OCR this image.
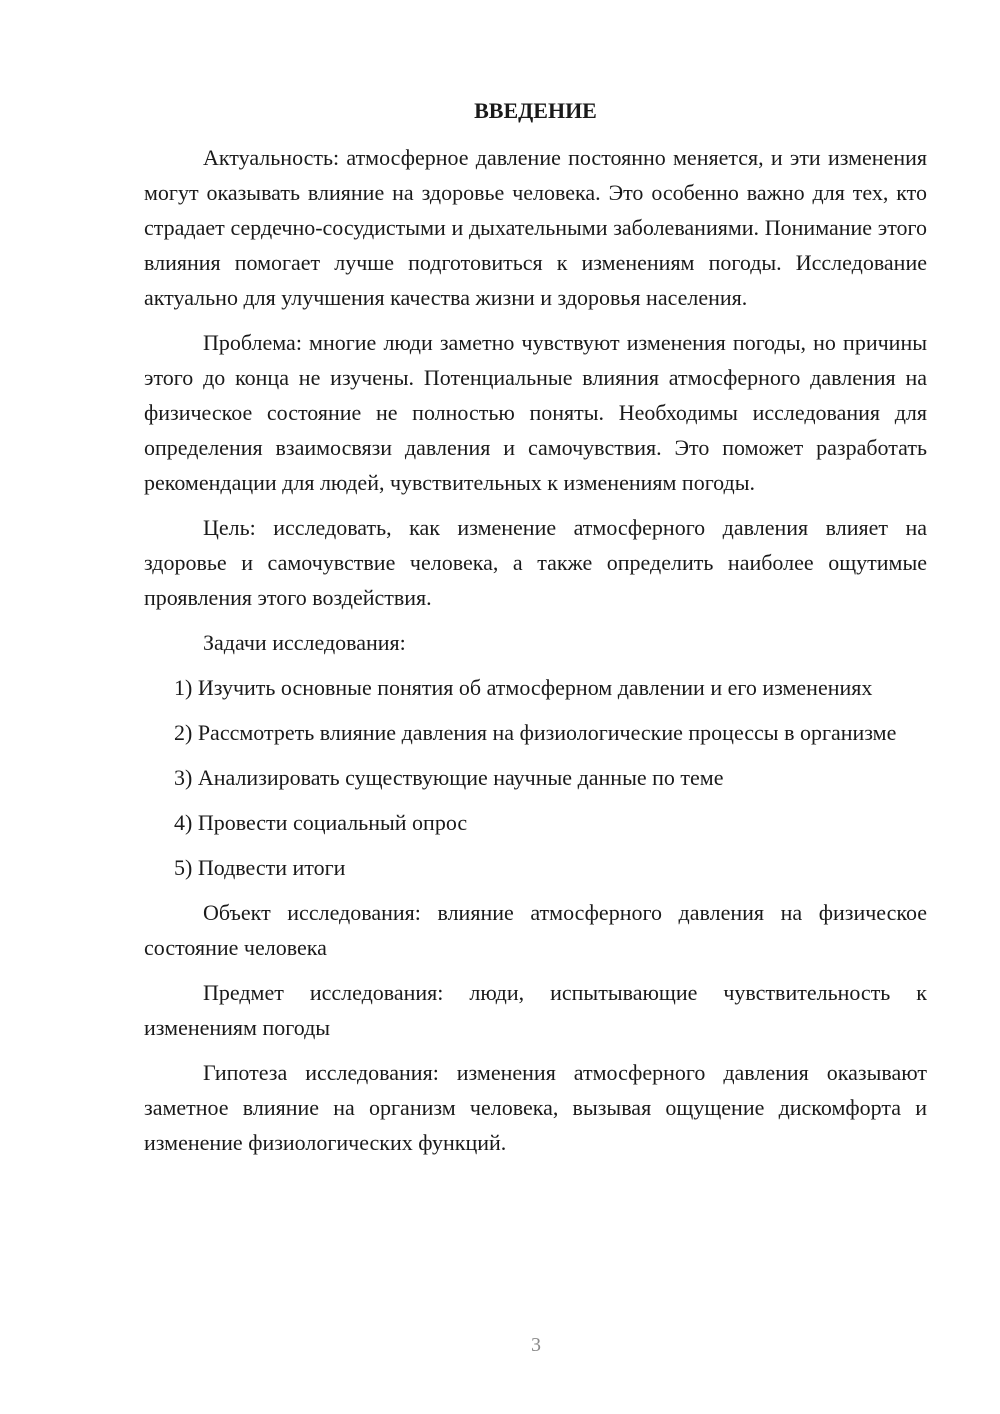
ВВЕДЕНИЕ

Актуальность: атмосферное давление постоянно меняется, и эти изменения могут оказывать влияние на здоровье человека. Это особенно важно для тех, кто страдает сердечно-сосудистыми и дыхательными заболеваниями. Понимание этого влияния помогает лучше подготовиться к изменениям погоды. Исследование актуально для улучшения качества жизни и здоровья населения.

Проблема: многие люди заметно чувствуют изменения погоды, но причины этого до конца не изучены. Потенциальные влияния атмосферного давления на физическое состояние не полностью поняты. Необходимы исследования для определения взаимосвязи давления и самочувствия. Это поможет разработать рекомендации для людей, чувствительных к изменениям погоды.

Цель: исследовать, как изменение атмосферного давления влияет на здоровье и самочувствие человека, а также определить наиболее ощутимые проявления этого воздействия.

Задачи исследования:

1) Изучить основные понятия об атмосферном давлении и его изменениях

2) Рассмотреть влияние давления на физиологические процессы в организме

3) Анализировать существующие научные данные по теме

4) Провести социальный опрос

5) Подвести итоги

Объект исследования: влияние атмосферного давления на физическое состояние человека

Предмет исследования: люди, испытывающие чувствительность к изменениям погоды

Гипотеза исследования: изменения атмосферного давления оказывают заметное влияние на организм человека, вызывая ощущение дискомфорта и изменение физиологических функций.

3
